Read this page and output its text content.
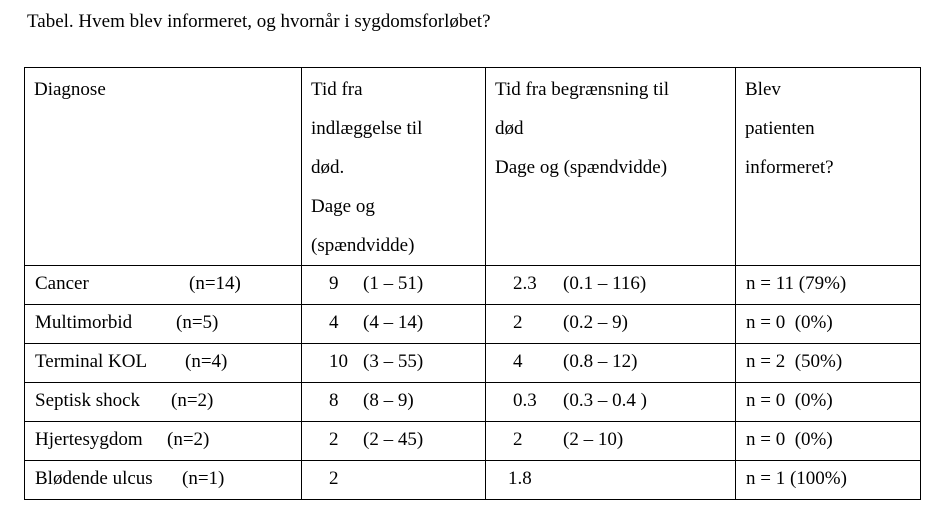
Tabel. Hvem blev informeret, og hvornår i sygdomsforløbet?
Diagnose	Tid fra
indlæggelse til
død.
Dage og
(spændvidde)	Tid fra begrænsning til
død
Dage og (spændvidde)	Blev
patienten
informeret?

Cancer (n=14)	9 (1 – 51)	2.3 (0.1 – 116)	n = 11 (79%)

Multimorbid (n=5)	4 (4 – 14)	2 (0.2 – 9)	n = 0  (0%)

Terminal KOL (n=4)	10 (3 – 55)	4 (0.8 – 12)	n = 2  (50%)

Septisk shock (n=2)	8 (8 – 9)	0.3 (0.3 – 0.4 )	n = 0  (0%)

Hjertesygdom (n=2)	2 (2 – 45)	2 (2 – 10)	n = 0  (0%)

Blødende ulcus (n=1)	2	1.8	n = 1 (100%)
